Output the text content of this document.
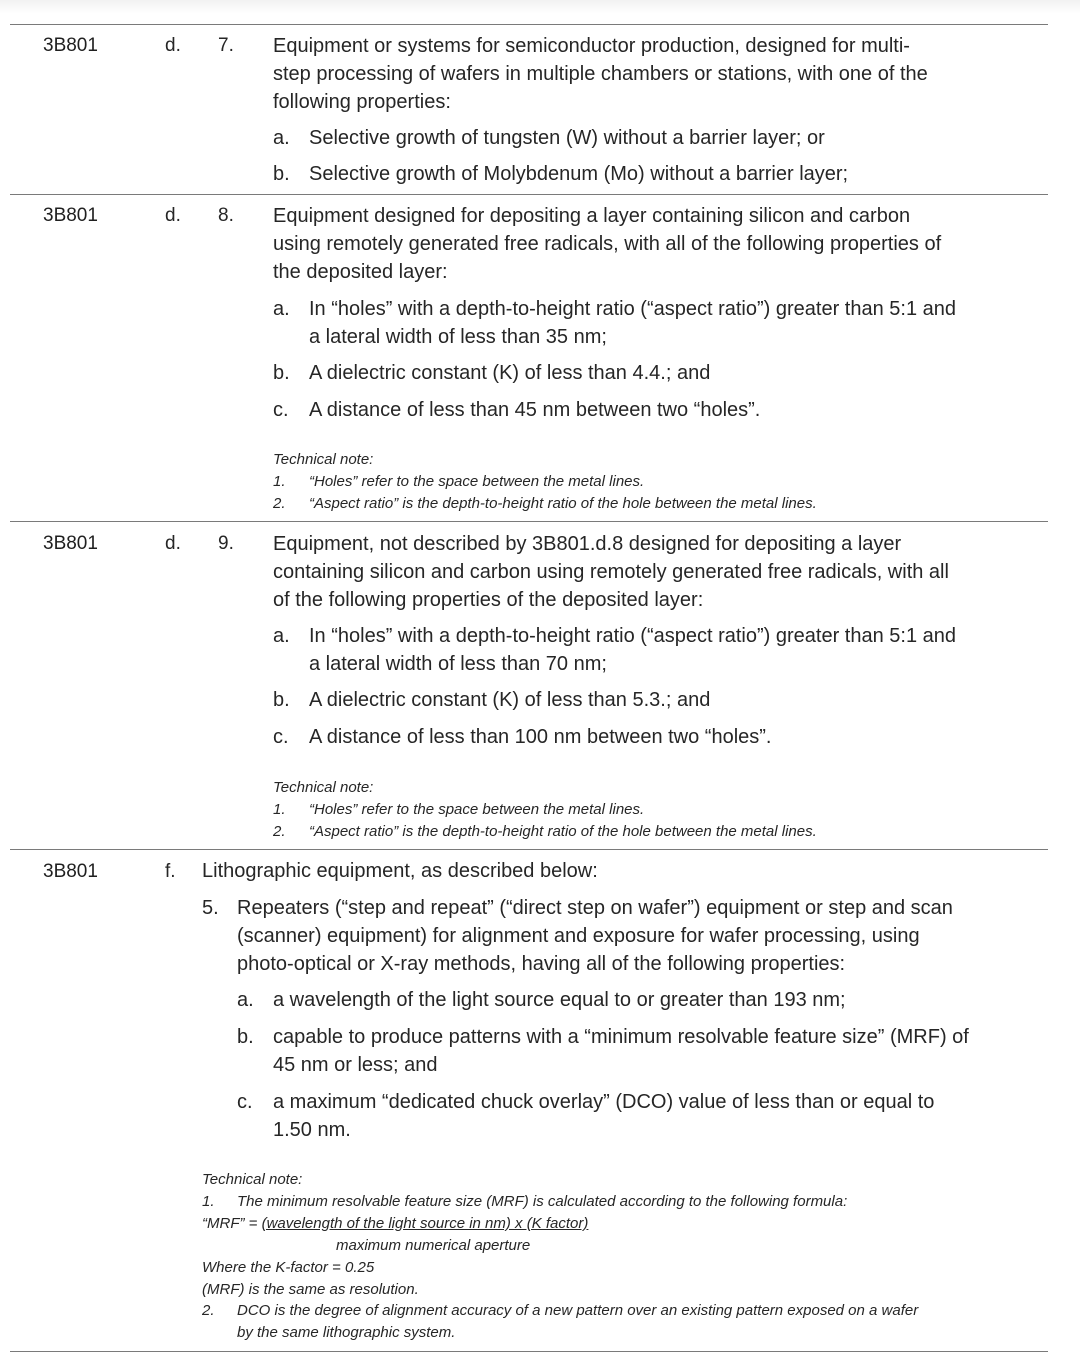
3B801	d. 7. Equipment or systems for semiconductor production, designed for multi-
step processing of wafers in multiple chambers or stations, with one of the
following properties:
a. Selective growth of tungsten (W) without a barrier layer; or
b. Selective growth of Molybdenum (Mo) without a barrier layer;
3B801	d. 8. Equipment designed for depositing a layer containing silicon and carbon
using remotely generated free radicals, with all of the following properties of
the deposited layer:
a. In “holes” with a depth-to-height ratio (“aspect ratio”) greater than 5:1 and
a lateral width of less than 35 nm;
b. A dielectric constant (K) of less than 4.4.; and
c. A distance of less than 45 nm between two “holes”.
Technical note:
1. “Holes” refer to the space between the metal lines.
2. “Aspect ratio” is the depth-to-height ratio of the hole between the metal lines.
3B801	d. 9. Equipment, not described by 3B801.d.8 designed for depositing a layer
containing silicon and carbon using remotely generated free radicals, with all
of the following properties of the deposited layer:
a. In “holes” with a depth-to-height ratio (“aspect ratio”) greater than 5:1 and
a lateral width of less than 70 nm;
b. A dielectric constant (K) of less than 5.3.; and
c. A distance of less than 100 nm between two “holes”.
Technical note:
1. “Holes” refer to the space between the metal lines.
2. “Aspect ratio” is the depth-to-height ratio of the hole between the metal lines.
3B801	f. Lithographic equipment, as described below:
5. Repeaters (“step and repeat” (“direct step on wafer”) equipment or step and scan
(scanner) equipment) for alignment and exposure for wafer processing, using
photo-optical or X-ray methods, having all of the following properties:
a. a wavelength of the light source equal to or greater than 193 nm;
b. capable to produce patterns with a “minimum resolvable feature size” (MRF) of
45 nm or less; and
c. a maximum “dedicated chuck overlay” (DCO) value of less than or equal to
1.50 nm.
Technical note:
1. The minimum resolvable feature size (MRF) is calculated according to the following formula:
“MRF” = (wavelength of the light source in nm) x (K factor)
maximum numerical aperture
Where the K-factor = 0.25
(MRF) is the same as resolution.
2. DCO is the degree of alignment accuracy of a new pattern over an existing pattern exposed on a wafer
by the same lithographic system.
